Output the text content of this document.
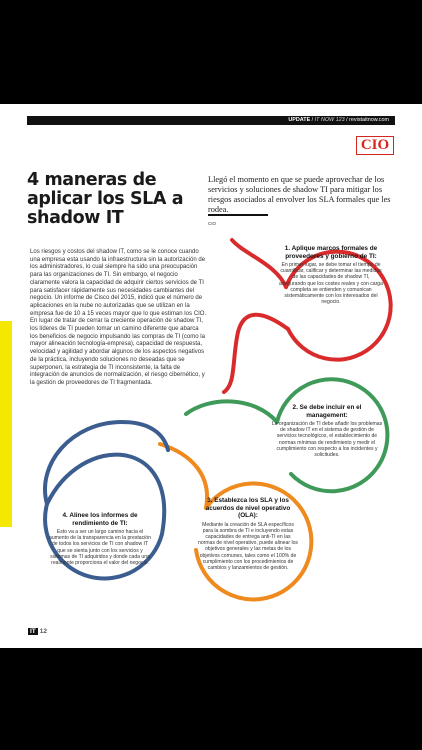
UPDATE / IT NOW 123 / revistaitnow.com
CIO
4 maneras de aplicar los SLA a shadow IT

Llegó el momento en que se puede aprovechar de los servicios y soluciones de shadow TI para mitigar los riesgos asociados al envolver los SLA formales que les rodea.

CIO

Los riesgos y costos del shadow IT, como se le conoce cuando una empresa esta usando la infraestructura sin la autorización de los administradores, lo cual siempre ha sido una preocupación para las organizaciones de TI. Sin embargo, el negocio claramente valora la capacidad de adquirir ciertos servicios de TI para satisfacer rápidamente sus necesidades cambiantes del negocio. Un informe de Cisco del 2015, indicó que el número de aplicaciones en la nube no autorizadas que se utilizan en la empresa fue de 10 a 15 veces mayor que lo que estiman los CIO. En lugar de tratar de cerrar la creciente operación de shadow TI, los líderes de TI pueden tomar un camino diferente que abarca los beneficios de negocio impulsando las compras de TI (como la mayor alineación tecnología-empresa), capacidad de respuesta, velocidad y agilidad y abordar algunos de los aspectos negativos de la práctica, incluyendo soluciones no deseadas que se superponen, la estrategia de TI inconsistente, la falta de integración de anuncios de normalización, el riesgo cibernético, y la gestión de proveedores de TI fragmentada.

1. Aplique marcos formales de proveedores y gobierno de TI:

En primer lugar, se debe tomar el tiempo de cuantificar, calificar y determinar las medidas de las capacidades de shadow TI, asegurando que los costes reales y con carga completa se entienden y comunican sistemáticamente con los interesados del negocio.

2. Se debe incluir en el management:

La organización de TI debe añadir los problemas de shadow IT en el sistema de gestión de servicios tecnológicos, el establecimiento de normas mínimas de rendimiento y medir el cumplimiento con respecto a los incidentes y solicitudes.

3. Establezca los SLA y los acuerdos de nivel operativo (OLA):

Mediante la creación de SLA específicos para la sombra de TI e incluyendo estas capacidades de entrega anti-TI en las normas de nivel operativo, puede alinear los objetivos generales y las metas de los objetivos comunes, tales como el 100% de cumplimiento con los procedimientos de cambios y lanzamientos de gestión.

4. Alinee los informes de rendimiento de TI:

Esto va a ser un largo camino hacia el aumento de la transparencia en la prestación de todos los servicios de TI con shadow IT que se sienta junto con los servicios y sistemas de TI adquiridos y donde cada uno realmente proporciona el valor del negocio.

IT 12
